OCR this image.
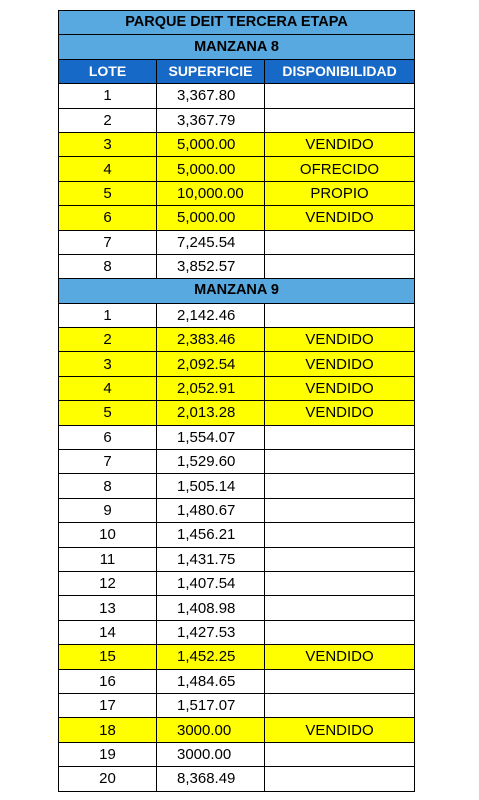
PARQUE DEIT TERCERA ETAPA		
MANZANA 8		
LOTE	SUPERFICIE	DISPONIBILIDAD
1	3,367.80	
2	3,367.79	
3	5,000.00	VENDIDO
4	5,000.00	OFRECIDO
5	10,000.00	PROPIO
6	5,000.00	VENDIDO
7	7,245.54	
8	3,852.57	
MANZANA 9		
1	2,142.46	
2	2,383.46	VENDIDO
3	2,092.54	VENDIDO
4	2,052.91	VENDIDO
5	2,013.28	VENDIDO
6	1,554.07	
7	1,529.60	
8	1,505.14	
9	1,480.67	
10	1,456.21	
11	1,431.75	
12	1,407.54	
13	1,408.98	
14	1,427.53	
15	1,452.25	VENDIDO
16	1,484.65	
17	1,517.07	
18	3000.00	VENDIDO
19	3000.00	
20	8,368.49	
